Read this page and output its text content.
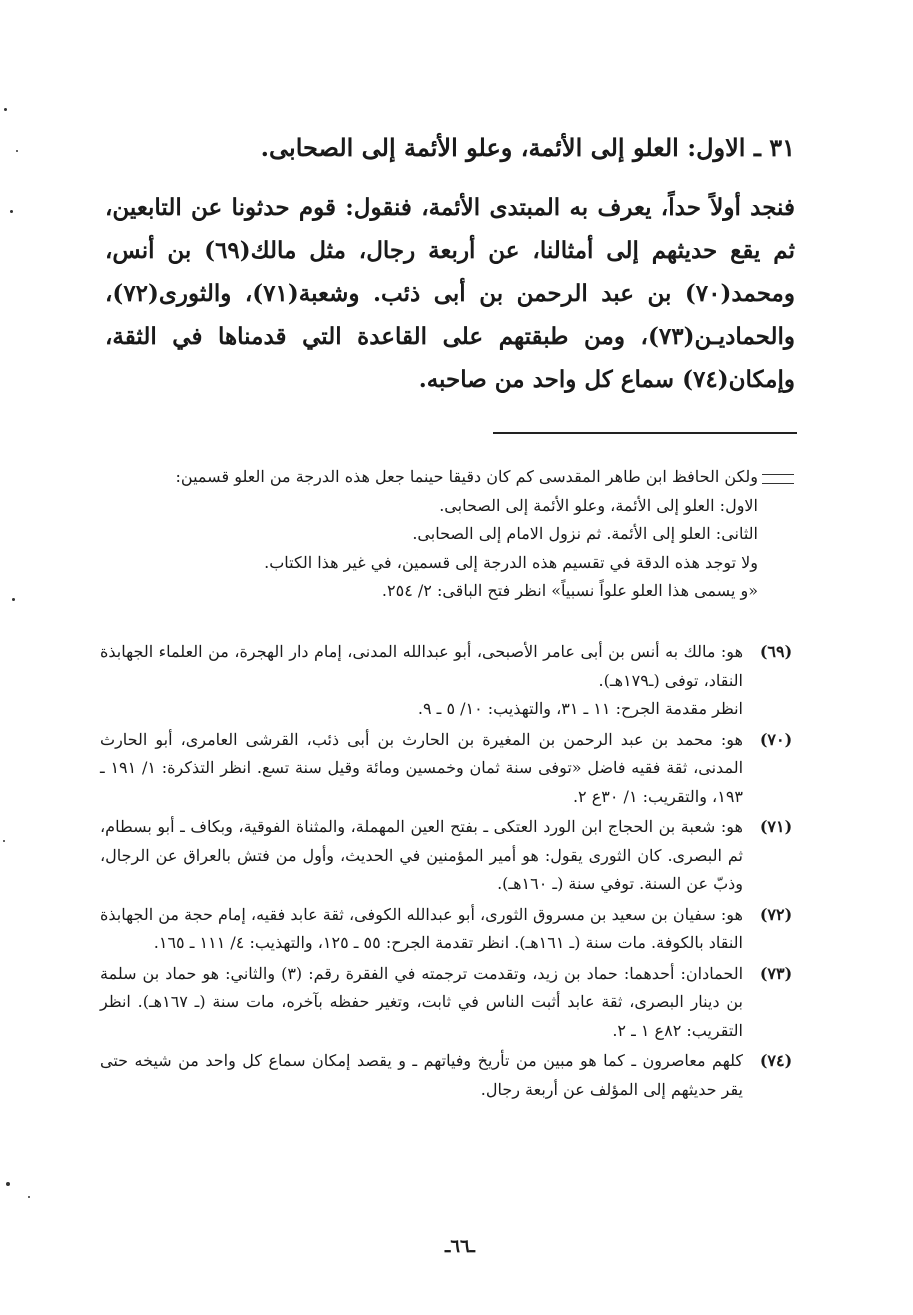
٣١ ـ الاول: العلو إلى الأئمة، وعلو الأئمة إلى الصحابى.
فنجد أولاً حداً، يعرف به المبتدى الأئمة، فنقول: قوم حدثونا عن التابعين، ثم يقع حديثهم إلى أمثالنا، عن أربعة رجال، مثل مالك(٦٩) بن أنس، ومحمد(٧٠) بن عبد الرحمن بن أبى ذئب. وشعبة(٧١)، والثورى(٧٢)، والحماديـن(٧٣)، ومن طبقتهم على القاعدة التي قدمناها في الثقة، وإمكان(٧٤) سماع كل واحد من صاحبه.
ولكن الحافظ ابن طاهر المقدسى كم كان دقيقا حينما جعل هذه الدرجة من العلو قسمين:
الاول: العلو إلى الأئمة، وعلو الأئمة إلى الصحابى.
الثانى: العلو إلى الأئمة. ثم نزول الامام إلى الصحابى.
ولا توجد هذه الدقة في تقسيم هذه الدرجة إلى قسمين، في غير هذا الكتاب.
«و يسمى هذا العلو علواً نسبياً» انظر فتح الباقى: ٢/ ٢٥٤.
(٦٩)
هو: مالك به أنس بن أبى عامر الأصبحى، أبو عبدالله المدنى، إمام دار الهجرة، من العلماء الجهابذة النقاد، توفى (ـ١٧٩هـ).
انظر مقدمة الجرح: ١١ ـ ٣١، والتهذيب: ١٠/ ٥ ـ ٩.
(٧٠)
هو: محمد بن عبد الرحمن بن المغيرة بن الحارث بن أبى ذئب، القرشى العامرى، أبو الحارث المدنى، ثقة فقيه فاضل «توفى سنة ثمان وخمسين ومائة وقيل سنة تسع. انظر التذكرة: ١/ ١٩١ ـ ١٩٣، والتقريب: ١/ ٣٠ع ٢.
(٧١)
هو: شعبة بن الحجاج ابن الورد العتكى ـ بفتح العين المهملة، والمثناة الفوقية، وبكاف ـ أبو بسطام، ثم البصرى. كان الثورى يقول: هو أمير المؤمنين في الحديث، وأول من فتش بالعراق عن الرجال، وذبّ عن السنة. توفي سنة (ـ ١٦٠هـ).
(٧٢)
هو: سفيان بن سعيد بن مسروق الثورى، أبو عبدالله الكوفى، ثقة عابد فقيه، إمام حجة من الجهابذة النقاد بالكوفة. مات سنة (ـ ١٦١هـ). انظر تقدمة الجرح: ٥٥ ـ ١٢٥، والتهذيب: ٤/ ١١١ ـ ١٦٥.
(٧٣)
الحمادان: أحدهما: حماد بن زيد، وتقدمت ترجمته في الفقرة رقم: (٣) والثاني: هو حماد بن سلمة بن دينار البصرى، ثقة عابد أثبت الناس في ثابت، وتغير حفظه بآخره، مات سنة (ـ ١٦٧هـ). انظر التقريب: ٨٢ع ١ ـ ٢.
(٧٤)
كلهم معاصرون ـ كما هو مبين من تأريخ وفياتهم ـ و يقصد إمكان سماع كل واحد من شيخه حتى يقر حديثهم إلى المؤلف عن أربعة رجال.
ـ٦٦ـ
